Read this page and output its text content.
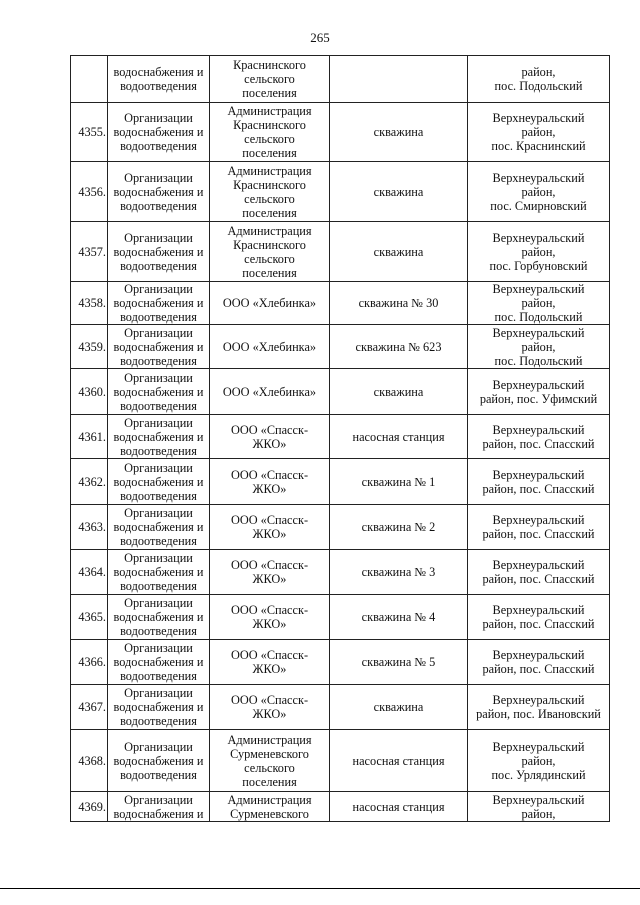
265

	водоснабжения и
водоотведения	Краснинского
сельского
поселения		район,
пос. Подольский

4355.	Организации
водоснабжения и
водоотведения	Администрация
Краснинского
сельского
поселения	скважина	Верхнеуральский
район,
пос. Краснинский

4356.	Организации
водоснабжения и
водоотведения	Администрация
Краснинского
сельского
поселения	скважина	Верхнеуральский
район,
пос. Смирновский

4357.	Организации
водоснабжения и
водоотведения	Администрация
Краснинского
сельского
поселения	скважина	Верхнеуральский
район,
пос. Горбуновский

4358.	Организации
водоснабжения и
водоотведения	ООО «Хлебинка»	скважина № 30	Верхнеуральский
район,
пос. Подольский

4359.	Организации
водоснабжения и
водоотведения	ООО «Хлебинка»	скважина № 623	Верхнеуральский
район,
пос. Подольский

4360.	Организации
водоснабжения и
водоотведения	ООО «Хлебинка»	скважина	Верхнеуральский
район, пос. Уфимский

4361.	Организации
водоснабжения и
водоотведения	ООО «Спасск-
ЖКО»	насосная станция	Верхнеуральский
район, пос. Спасский

4362.	Организации
водоснабжения и
водоотведения	ООО «Спасск-
ЖКО»	скважина № 1	Верхнеуральский
район, пос. Спасский

4363.	Организации
водоснабжения и
водоотведения	ООО «Спасск-
ЖКО»	скважина № 2	Верхнеуральский
район, пос. Спасский

4364.	Организации
водоснабжения и
водоотведения	ООО «Спасск-
ЖКО»	скважина № 3	Верхнеуральский
район, пос. Спасский

4365.	Организации
водоснабжения и
водоотведения	ООО «Спасск-
ЖКО»	скважина № 4	Верхнеуральский
район, пос. Спасский

4366.	Организации
водоснабжения и
водоотведения	ООО «Спасск-
ЖКО»	скважина № 5	Верхнеуральский
район, пос. Спасский

4367.	Организации
водоснабжения и
водоотведения	ООО «Спасск-
ЖКО»	скважина	Верхнеуральский
район, пос. Ивановский

4368.	Организации
водоснабжения и
водоотведения	Администрация
Сурменевского
сельского
поселения	насосная станция	Верхнеуральский
район,
пос. Урлядинский

4369.	Организации
водоснабжения и	Администрация
Сурменевского	насосная станция	Верхнеуральский
район,
